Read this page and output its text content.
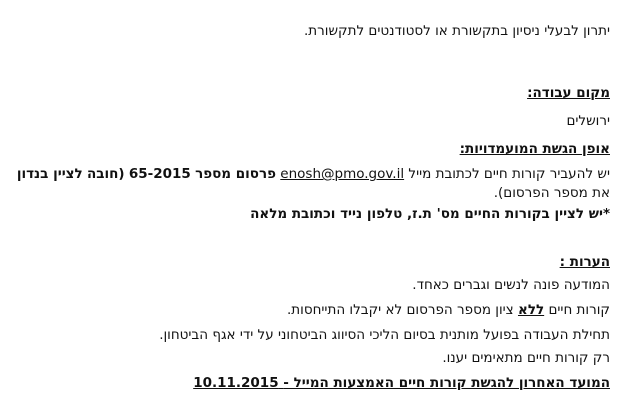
יתרון לבעלי ניסיון בתקשורת או לסטודנטים לתקשורת.
מקום עבודה:
ירושלים
אופן הגשת המועמדויות:
יש להעביר קורות חיים לכתובת מייל enosh@pmo.gov.il פרסום מספר 65-2015 (חובה לציין בנדון
את מספר הפרסום).
*יש לציין בקורות החיים מס' ת.ז, טלפון נייד וכתובת מלאה
הערות :
המודעה פונה לנשים וגברים כאחד.
קורות חיים ללא ציון מספר הפרסום לא יקבלו התייחסות.
תחילת העבודה בפועל מותנית בסיום הליכי הסיווג הביטחוני על ידי אגף הביטחון.
רק קורות חיים מתאימים יענו.
המועד האחרון להגשת קורות חיים האמצעות המייל - 10.11.2015
